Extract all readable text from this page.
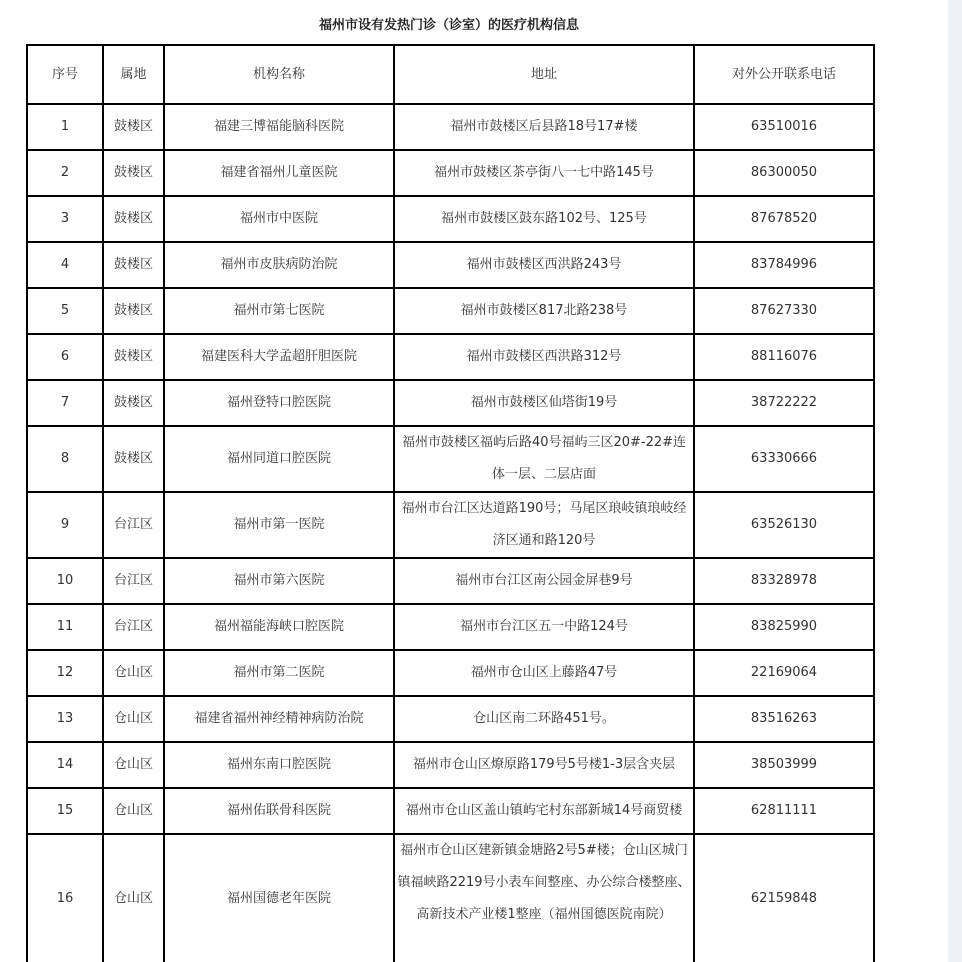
福州市设有发热门诊（诊室）的医疗机构信息
序号	属地	机构名称	地址	对外公开联系电话
1	鼓楼区	福建三博福能脑科医院	福州市鼓楼区后县路18号17#楼	63510016
2	鼓楼区	福建省福州儿童医院	福州市鼓楼区茶亭街八一七中路145号	86300050
3	鼓楼区	福州市中医院	福州市鼓楼区鼓东路102号、125号	87678520
4	鼓楼区	福州市皮肤病防治院	福州市鼓楼区西洪路243号	83784996
5	鼓楼区	福州市第七医院	福州市鼓楼区817北路238号	87627330
6	鼓楼区	福建医科大学孟超肝胆医院	福州市鼓楼区西洪路312号	88116076
7	鼓楼区	福州登特口腔医院	福州市鼓楼区仙塔街19号	38722222
8	鼓楼区	福州同道口腔医院	福州市鼓楼区福屿后路40号福屿三区20#-22#连体一层、二层店面	63330666
9	台江区	福州市第一医院	福州市台江区达道路190号；马尾区琅岐镇琅岐经济区通和路120号	63526130
10	台江区	福州市第六医院	福州市台江区南公园金屏巷9号	83328978
11	台江区	福州福能海峡口腔医院	福州市台江区五一中路124号	83825990
12	仓山区	福州市第二医院	福州市仓山区上藤路47号	22169064
13	仓山区	福建省福州神经精神病防治院	仓山区南二环路451号。	83516263
14	仓山区	福州东南口腔医院	福州市仓山区燎原路179号5号楼1-3层含夹层	38503999
15	仓山区	福州佑联骨科医院	福州市仓山区盖山镇屿宅村东部新城14号商贸楼	62811111
16	仓山区	福州国德老年医院	福州市仓山区建新镇金塘路2号5#楼；仓山区城门镇福峡路2219号小表车间整座、办公综合楼整座、高新技术产业楼1整座（福州国德医院南院）	62159848
